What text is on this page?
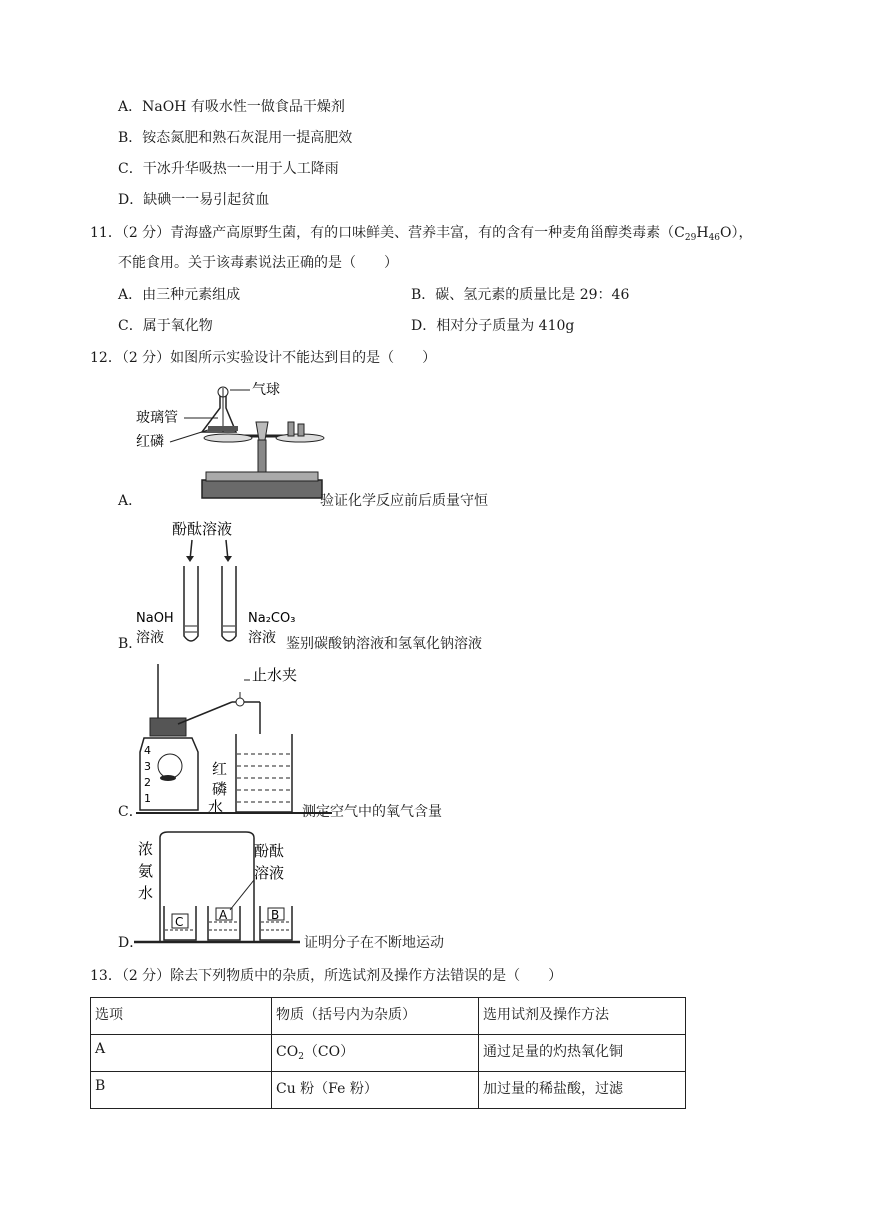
A．NaOH 有吸水性一做食品干燥剂
B．铵态氮肥和熟石灰混用一提高肥效
C．干冰升华吸热一一用于人工降雨
D．缺碘一一易引起贫血
11．（2 分）青海盛产高原野生菌，有的口味鲜美、营养丰富，有的含有一种麦角甾醇类毒素$(C_{29}H_{46}O)$，
不能食用。关于该毒素说法正确的是（　　）
A．由三种元素组成	B．碳、氢元素的质量比是 29：46
C．属于氧化物	D．相对分子质量为 410g
12．（2 分）如图所示实验设计不能达到目的是（　　）
气球
玻璃管
红磷
A．	验证化学反应前后质量守恒
酚酞溶液
NaOH
溶液
Na₂CO₃
溶液
B．	鉴别碳酸钠溶液和氢氧化钠溶液
4
3
2
1
止水夹
红
磷
水
C．	测定空气中的氧气含量
浓
氨
水
酚酞
溶液
C	A	B
D．	证明分子在不断地运动
13．（2 分）除去下列物质中的杂质，所选试剂及操作方法错误的是（　　）
选项	物质（括号内为杂质）	选用试剂及操作方法
A	$CO_2(CO)$	通过足量的灼热氧化铜
B	Cu 粉（Fe 粉）	加过量的稀盐酸，过滤
